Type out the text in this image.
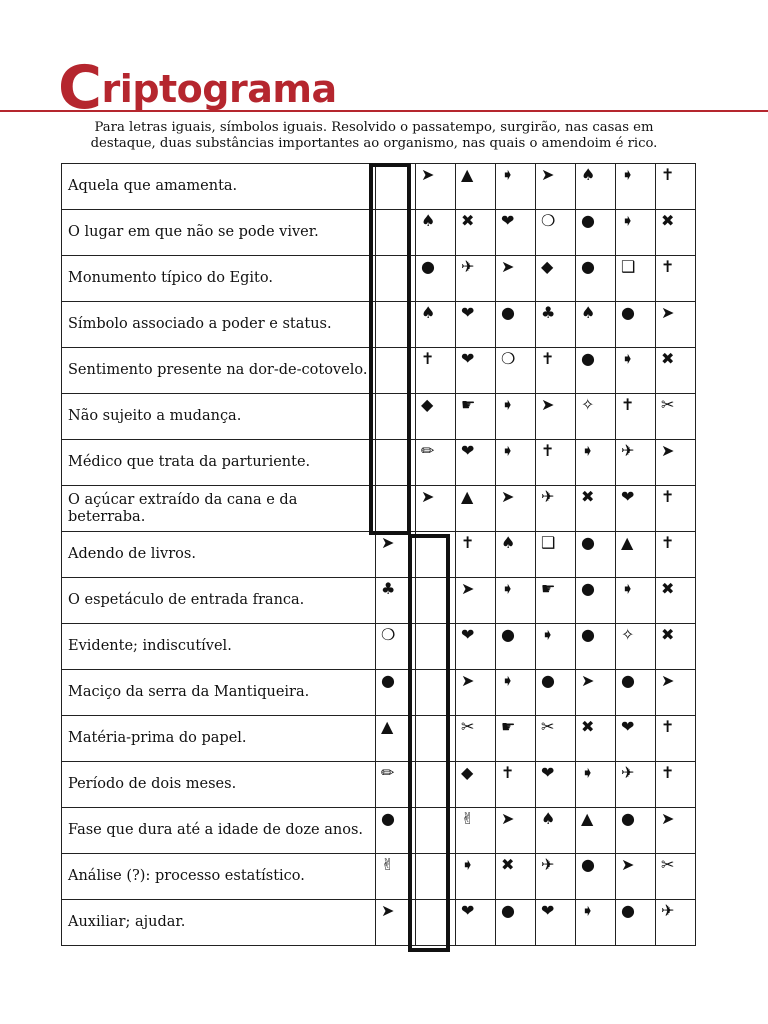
Criptograma
Para letras iguais, símbolos iguais. Resolvido o passatempo, surgirão, nas casas em
destaque, duas substâncias importantes ao organismo, nas quais o amendoim é rico.
Aquela que amamenta.		➤	▲	➧	➤	♠	➧	✝

O lugar em que não se pode viver.		♠	✖	❤	❍	●	➧	✖

Monumento típico do Egito.		●	✈	➤	◆	●	❑	✝

Símbolo associado a poder e status.		♠	❤	●	♣	♠	●	➤

Sentimento presente na dor-de-cotovelo.		✝	❤	❍	✝	●	➧	✖

Não sujeito a mudança.		◆	☛	➧	➤	✧	✝	✂

Médico que trata da parturiente.		✏	❤	➧	✝	➧	✈	➤

O açúcar extraído da cana e da beterraba.		➤	▲	➤	✈	✖	❤	✝

Adendo de livros.	➤		✝	♠	❑	●	▲	✝

O espetáculo de entrada franca.	♣		➤	➧	☛	●	➧	✖

Evidente; indiscutível.	❍		❤	●	➧	●	✧	✖

Maciço da serra da Mantiqueira.	●		➤	➧	●	➤	●	➤

Matéria-prima do papel.	▲		✂	☛	✂	✖	❤	✝

Período de dois meses.	✏		◆	✝	❤	➧	✈	✝

Fase que dura até a idade de doze anos.	●		✌	➤	♠	▲	●	➤

Análise (?): processo estatístico.	✌		➧	✖	✈	●	➤	✂

Auxiliar; ajudar.	➤		❤	●	❤	➧	●	✈
